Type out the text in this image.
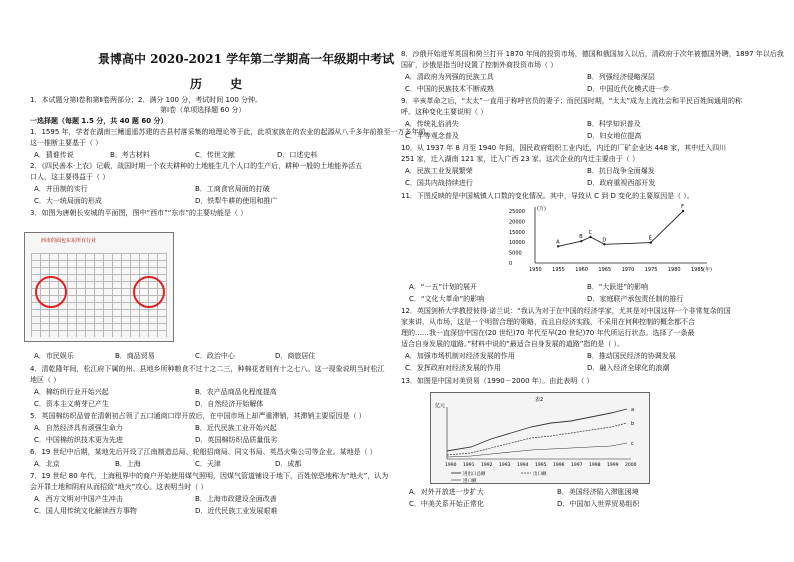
景博高中 2020-2021 学年第二学期高一年级期中考试
历 史
1．本试题分第Ⅰ卷和第Ⅱ卷两部分；2．满分 100 分，考试时间 100 分钟。
第Ⅰ卷（单项选择题 60 分）
一选择题（每题 1.5 分，共 40 题 60 分）
1．1595 年，学者在湖南三鳍遥遥苏建的古县村落采集的地理论等于此，此项家族在的农业的起源从八千多年前推至一万多年前。
这一推断主要基于（ ）
A．猜谁传说	B．考古材料	C．传世文献	D．口述史料
2．《四民善本·上农》记载，战国时期一个农夫耕种的土地能生几个人口的生产后，耕种一般的土地能养活五
口人，这主要得益于（ ）
A．井田制的实行	B．工商食官局面的打破
C．大一统局面的形成	D．铁犁牛耕的使用和推广
3．如图为唐朝长安城的平面图，图中“西市”“东市”的主要功能是（ ）
西市的面包东东所有行业
A．市民娱乐	B．商品贸易	C．政治中心	D．商旅居住
4．清乾隆年间，松江府下属的州、县地乡所种粮食不过十之二三，种棉花者则有十之七八。这一现象说明当时松江
地区（ ）
A．棉纺织行业开始兴起	B．农产品商品化程度提高
C．资本主义萌芽已产生	D．自然经济开始解体
5．英国棉纺织品曾在清朝初占领了五口通商口岸开放后，在中国市场上却严重滞销，其滞销主要原因是（ ）
A．自然经济具有顽强生命力	B．近代民族工业开始兴起
C．中国棉纺织技术更为先进	D．英国棉纺织品质量低劣
6．19 世纪中后期，某地先后开设了江南制造总局、轮船招商局、同文书局、英昌火柴公司等企业。某地是（ ）
A．北京	B．上海	C．天津	D．成都
7．19 世纪 80 年代，上海租界中的商户开始使用煤气照明，因煤气管道铺设于地下，百姓惊恐地称为“地火”，认为
会开罪土地和阴府从而招致“地火”攻心。这表明当时（ ）
A．西方文明对中国产生冲击	B．上海市政建设全面改善
C．国人用传统文化解读西方事物	D．近代民族工业发展艰难
8．沙俄开始进军英国和荷兰打开 1870 年间的投资市场，德国和俄国加入以后，清政府于次年被德国外聘，1897 年以后我
国矿，沙俄是指当时设置了控制外商投资市场（ ）
A．清政府为列强的民族工具	B．列强经济侵略深层
C．中国的民族技术不断成熟	D．中国近代化模式进一步
9．辛亥革命之后，“太太”一直用于称呼官员的妻子；而民国时期，“太太”成为上流社会和平民百姓间通用的称
呼。这种变化主要说明（ ）
A．传统礼俗消失	B．科学知识普及
C．平等观念普及	D．妇女地位提高
10．从 1937 年 8 月至 1940 年间，国民政府组织工业内迁，内迁的厂矿企业达 448 家，其中迁入四川
251 家，迁入湖南 121 家，迁入广西 23 家。这次企业的内迁主要由于（ ）
A．民族工业发展繁荣	B．抗日战争全面爆发
C．国共内战持续进行	D．政府重视西部开发
11．下图反映的是中国城镇人口数的变化情况。其中，导致从 C 到 D 变化的主要原因是（ ）。
(万)
25000
20000
15000
10000
5000
0
1950 1955 1960 1965 1970 1975 1980 1985 (年)
A
B
C
D	E
F
A．“一五”计划的展开	B．“大跃进”的影响
C．“文化大革命”的影响	D．家庭联产承包责任制的推行
12．英国剑桥大学教授彼得·诺兰说：“我认为对于在中国的经济学家，尤其是对中国这样一个非常复杂的国
家来讲，从市场，这是一个明智合理的策略，而且自经济实践，不采用在何种控制的概念都不合
理的……我一直深信中国在(20 世纪)70 年代至早(20 世纪)70 年代所运行状态。选择了一条最
适合自身发展的道路。”材料中说的“最适合自身发展的道路”指的是（ ）。
A．加强市场机制对经济发展的作用	B．推动国民经济的协调发展
C．发挥政府对经济发展的作用	D．融入经济全球化的浪潮
13．如图是中国对美贸易（1990－2000 年）。由此表明（ ）
表2
亿元
a
b
c
1990 1991 1992 1993 1994 1995 1996 1997 1998 1999 2000
进出口总额	出口额
进口额
A．对外开放进一步扩大	B．美国经济陷入滞胀困境
C．中美关系开始正常化	D．中国加入世界贸易组织
